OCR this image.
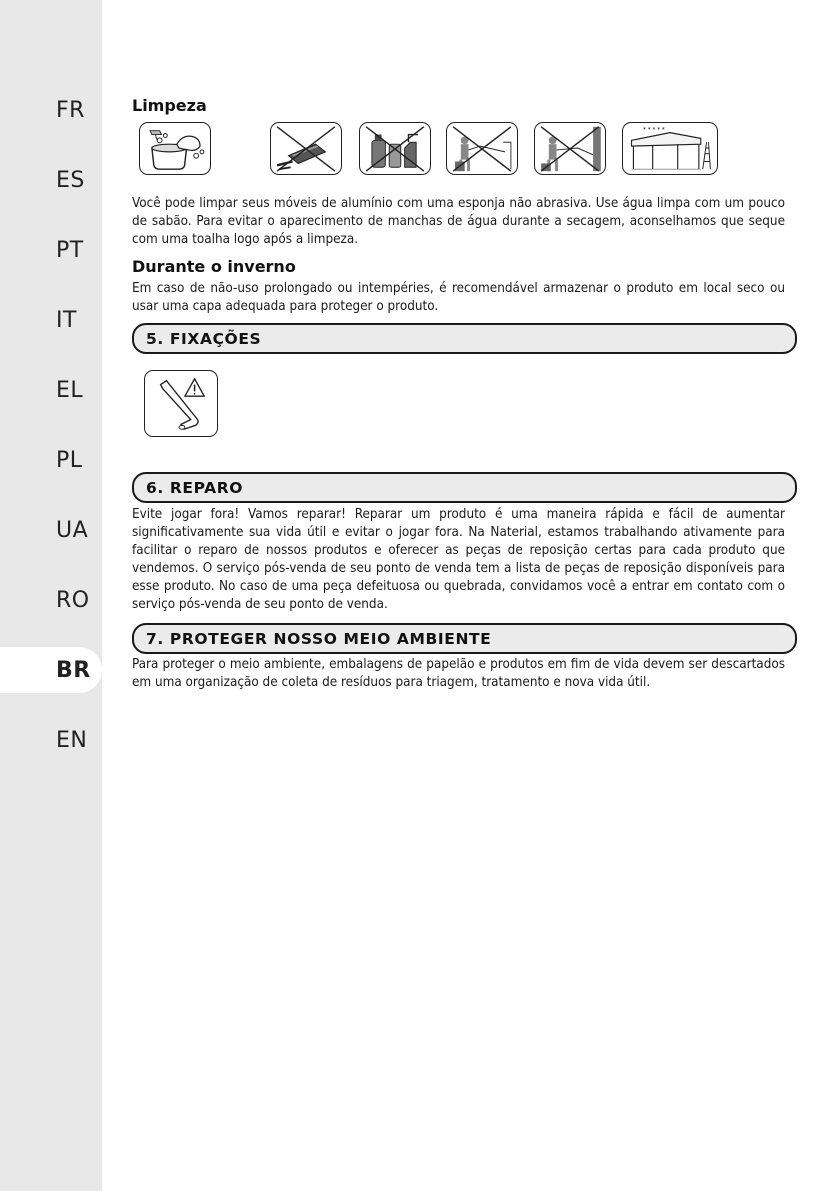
FR
ES
PT
IT
EL
PL
UA
RO
BR
EN
Limpeza
* * * * *
Você pode limpar seus móveis de alumínio com uma esponja não abrasiva. Use água limpa com um pouco de sabão. Para evitar o aparecimento de manchas de água durante a secagem, aconselhamos que seque com uma toalha logo após a limpeza.
Durante o inverno
Em caso de não-uso prolongado ou intempéries, é recomendável armazenar o produto em local seco ou usar uma capa adequada para proteger o produto.
5. FIXAÇÕES
6. REPARO
Evite jogar fora! Vamos reparar! Reparar um produto é uma maneira rápida e fácil de aumentar significativamente sua vida útil e evitar o jogar fora. Na Naterial, estamos trabalhando ativamente para facilitar o reparo de nossos produtos e oferecer as peças de reposição certas para cada produto que vendemos. O serviço pós-venda de seu ponto de venda tem a lista de peças de reposição disponíveis para esse produto. No caso de uma peça defeituosa ou quebrada, convidamos você a entrar em contato com o serviço pós-venda de seu ponto de venda.
7. PROTEGER NOSSO MEIO AMBIENTE
Para proteger o meio ambiente, embalagens de papelão e produtos em fim de vida devem ser descartados em uma organização de coleta de resíduos para triagem, tratamento e nova vida útil.
